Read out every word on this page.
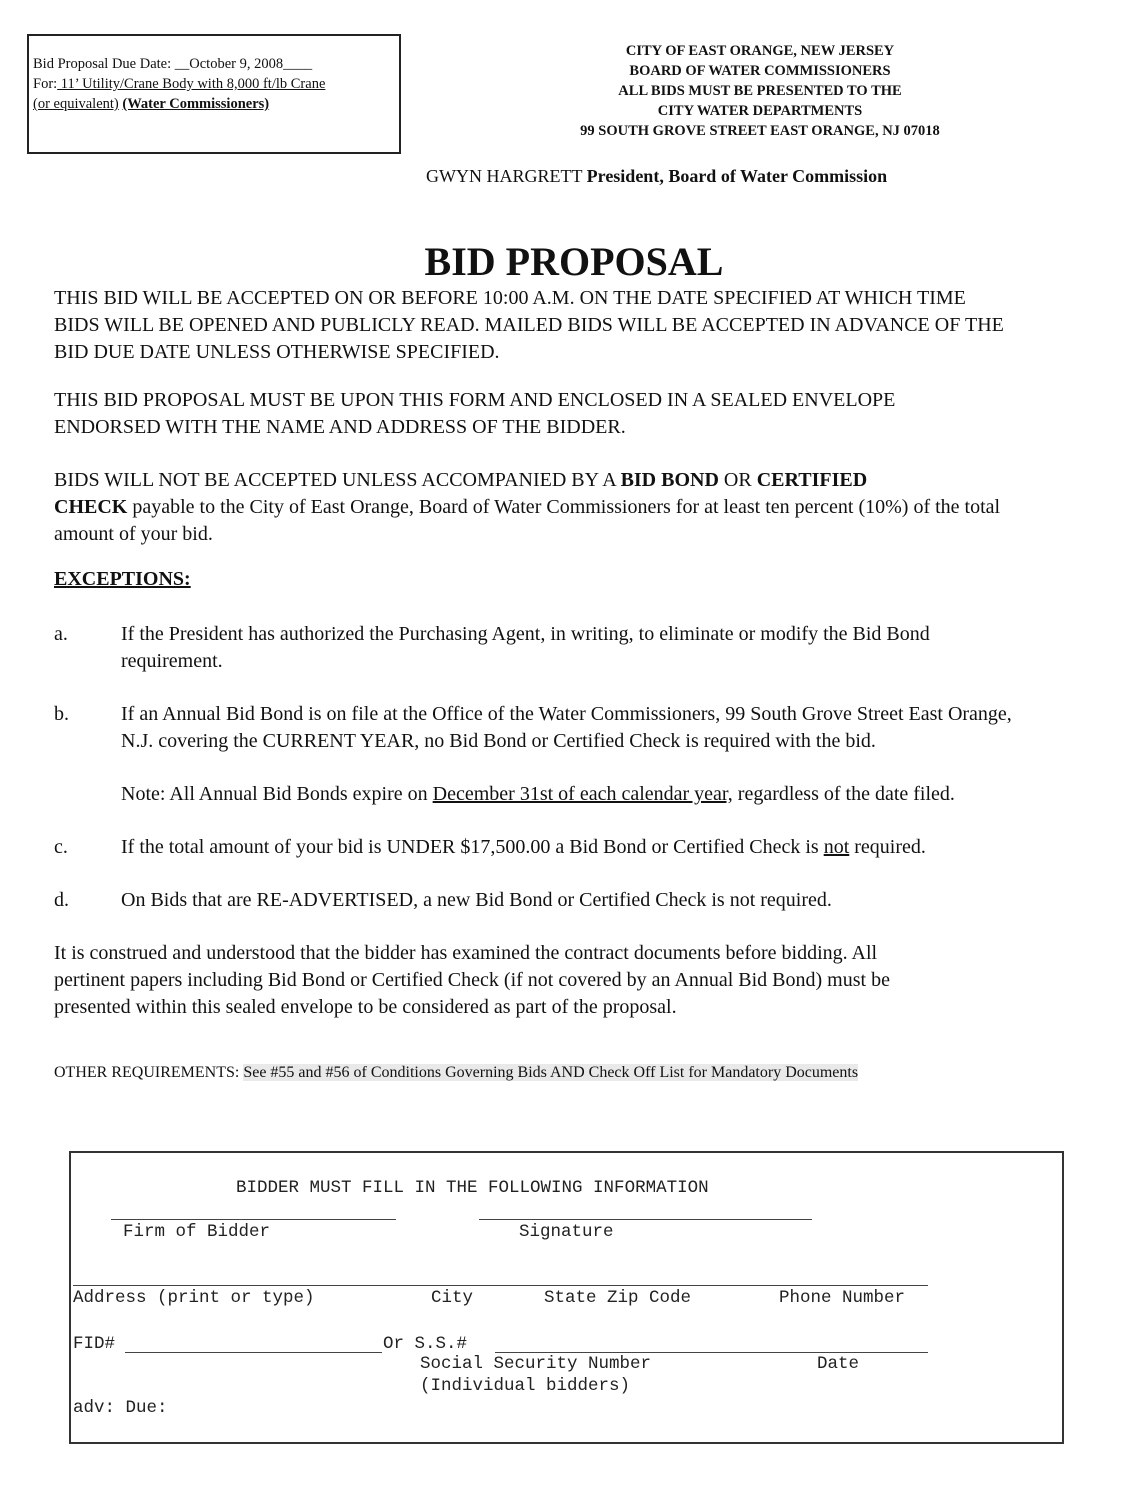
Bid Proposal Due Date: __October 9, 2008____
For: 11’ Utility/Crane Body with 8,000 ft/lb Crane
(or equivalent) (Water Commissioners)
CITY OF EAST ORANGE, NEW JERSEY
BOARD OF WATER COMMISSIONERS
ALL BIDS MUST BE PRESENTED TO THE
CITY WATER DEPARTMENTS
99 SOUTH GROVE STREET EAST ORANGE, NJ 07018
GWYN HARGRETT President, Board of Water Commission
BID PROPOSAL
THIS BID WILL BE ACCEPTED ON OR BEFORE 10:00 A.M. ON THE DATE SPECIFIED AT WHICH TIME
BIDS WILL BE OPENED AND PUBLICLY READ. MAILED BIDS WILL BE ACCEPTED IN ADVANCE OF THE
BID DUE DATE UNLESS OTHERWISE SPECIFIED.
THIS BID PROPOSAL MUST BE UPON THIS FORM AND ENCLOSED IN A SEALED ENVELOPE
ENDORSED WITH THE NAME AND ADDRESS OF THE BIDDER.
BIDS WILL NOT BE ACCEPTED UNLESS ACCOMPANIED BY A BID BOND OR CERTIFIED
CHECK payable to the City of East Orange, Board of Water Commissioners for at least ten percent (10%) of the total
amount of your bid.
EXCEPTIONS:
a.	If the President has authorized the Purchasing Agent, in writing, to eliminate or modify the Bid Bond
requirement.
b.	If an Annual Bid Bond is on file at the Office of the Water Commissioners, 99 South Grove Street East Orange,
N.J. covering the CURRENT YEAR, no Bid Bond or Certified Check is required with the bid.
Note: All Annual Bid Bonds expire on December 31st of each calendar year, regardless of the date filed.
c.	If the total amount of your bid is UNDER $17,500.00 a Bid Bond or Certified Check is not required.
d.	On Bids that are RE-ADVERTISED, a new Bid Bond or Certified Check is not required.
It is construed and understood that the bidder has examined the contract documents before bidding. All
pertinent papers including Bid Bond or Certified Check (if not covered by an Annual Bid Bond) must be
presented within this sealed envelope to be considered as part of the proposal.
OTHER REQUIREMENTS: See #55 and #56 of Conditions Governing Bids AND Check Off List for Mandatory Documents
BIDDER MUST FILL IN THE FOLLOWING INFORMATION
Firm of Bidder	Signature
Address (print or type)	City	State Zip Code	Phone Number
FID#	Or S.S.#
Social Security Number	Date
(Individual bidders)
adv: Due:
